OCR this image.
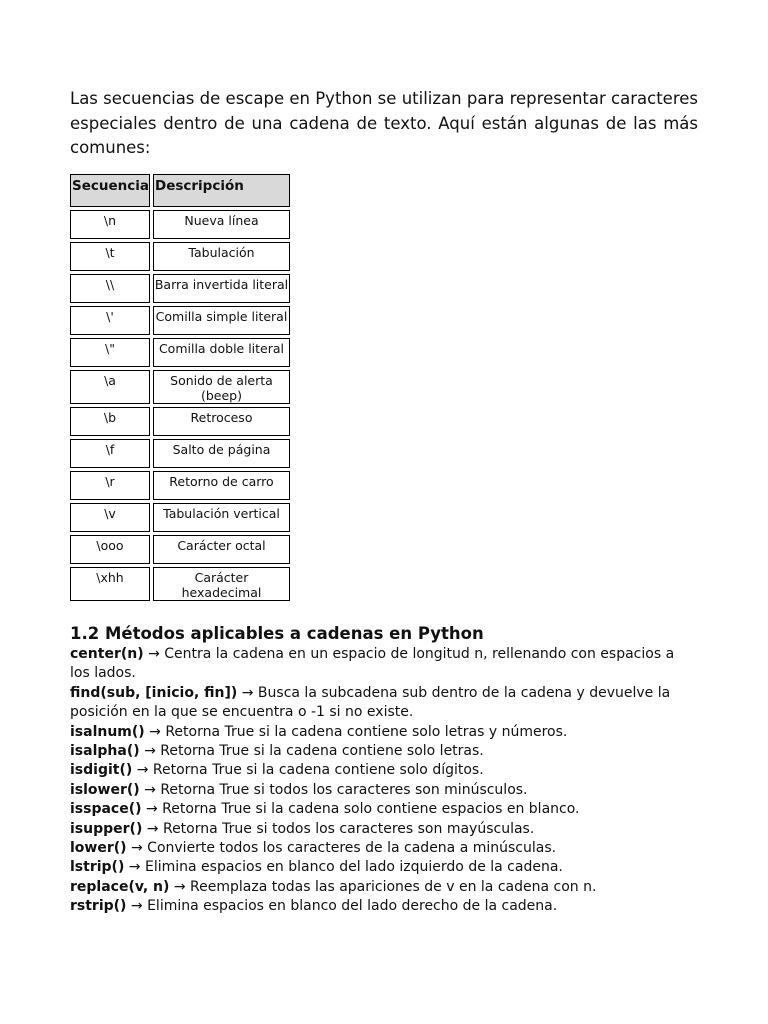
Las secuencias de escape en Python se utilizan para representar caracteres especiales dentro de una cadena de texto. Aquí están algunas de las más comunes:

Secuencia	Descripción
\n	Nueva línea
\t	Tabulación
\\	Barra invertida literal
\'	Comilla simple literal
\"	Comilla doble literal
\a	Sonido de alerta (beep)
\b	Retroceso
\f	Salto de página
\r	Retorno de carro
\v	Tabulación vertical
\ooo	Carácter octal
\xhh	Carácter hexadecimal
1.2 Métodos aplicables a cadenas en Python
center(n) → Centra la cadena en un espacio de longitud n, rellenando con espacios a los lados.
find(sub, [inicio, fin]) → Busca la subcadena sub dentro de la cadena y devuelve la posición en la que se encuentra o -1 si no existe.
isalnum() → Retorna True si la cadena contiene solo letras y números.
isalpha() → Retorna True si la cadena contiene solo letras.
isdigit() → Retorna True si la cadena contiene solo dígitos.
islower() → Retorna True si todos los caracteres son minúsculos.
isspace() → Retorna True si la cadena solo contiene espacios en blanco.
isupper() → Retorna True si todos los caracteres son mayúsculas.
lower() → Convierte todos los caracteres de la cadena a minúsculas.
lstrip() → Elimina espacios en blanco del lado izquierdo de la cadena.
replace(v, n) → Reemplaza todas las apariciones de v en la cadena con n.
rstrip() → Elimina espacios en blanco del lado derecho de la cadena.
